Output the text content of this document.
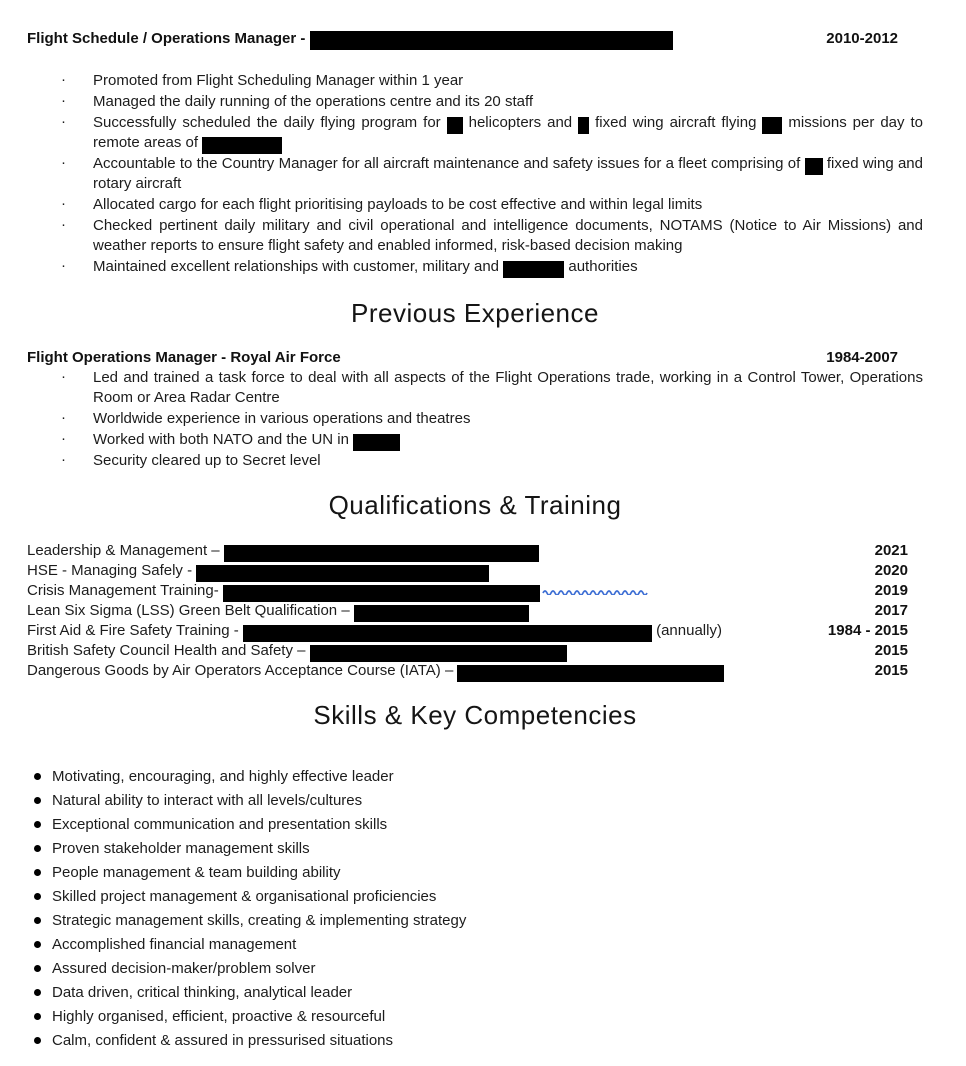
Flight Schedule / Operations Manager -	2010-2012
· Promoted from Flight Scheduling Manager within 1 year
· Managed the daily running of the operations centre and its 20 staff
· Successfully scheduled the daily flying program for  helicopters and  fixed wing aircraft flying  missions per day to remote areas of
· Accountable to the Country Manager for all aircraft maintenance and safety issues for a fleet comprising of  fixed wing and rotary aircraft
· Allocated cargo for each flight prioritising payloads to be cost effective and within legal limits
· Checked pertinent daily military and civil operational and intelligence documents, NOTAMS (Notice to Air Missions) and weather reports to ensure flight safety and enabled informed, risk-based decision making
· Maintained excellent relationships with customer, military and	authorities
Previous Experience
Flight Operations Manager - Royal Air Force	1984-2007
· Led and trained a task force to deal with all aspects of the Flight Operations trade, working in a Control Tower, Operations Room or Area Radar Centre
· Worldwide experience in various operations and theatres
· Worked with both NATO and the UN in
· Security cleared up to Secret level
Qualifications & Training
Leadership & Management –	2021
HSE - Managing Safely -	2020
Crisis Management Training-	2019
Lean Six Sigma (LSS) Green Belt Qualification –	2017
First Aid & Fire Safety Training -	(annually)	1984 - 2015
British Safety Council Health and Safety –	2015
Dangerous Goods by Air Operators Acceptance Course (IATA) –	2015
Skills & Key Competencies
Motivating, encouraging, and highly effective leader
Natural ability to interact with all levels/cultures
Exceptional communication and presentation skills
Proven stakeholder management skills
People management & team building ability
Skilled project management & organisational proficiencies
Strategic management skills, creating & implementing strategy
Accomplished financial management
Assured decision-maker/problem solver
Data driven, critical thinking, analytical leader
Highly organised, efficient, proactive & resourceful
Calm, confident & assured in pressurised situations
